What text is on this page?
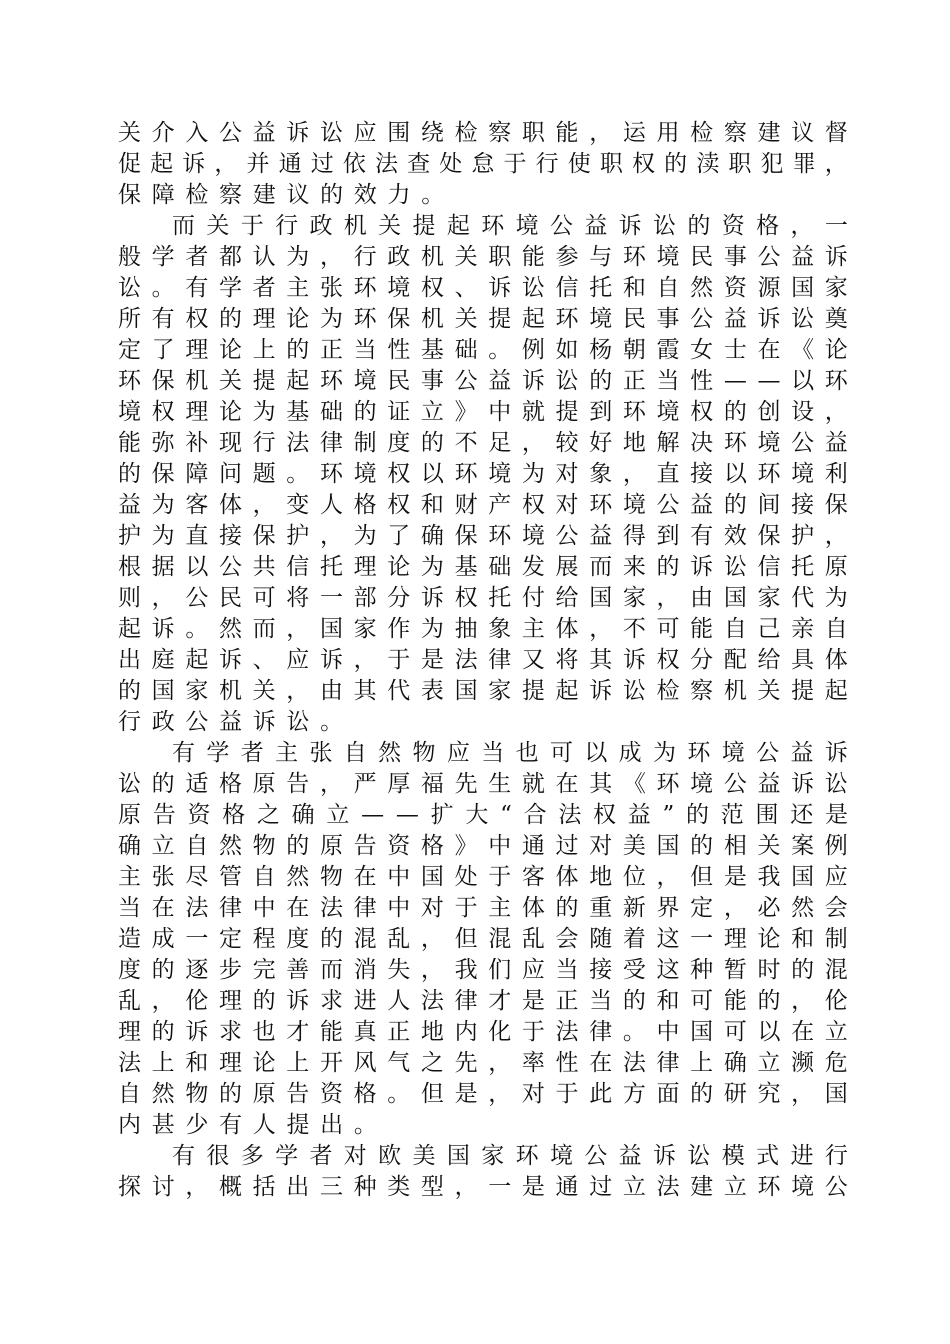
关 介 入 公 益 诉 讼 应 围 绕 检 察 职 能 ， 运 用 检 察 建 议 督
促 起 诉 ， 并 通 过 依 法 查 处 怠 于 行 使 职 权 的 渎 职 犯 罪 ，
保 障 检 察 建 议 的 效 力 。
而 关 于 行 政 机 关 提 起 环 境 公 益 诉 讼 的 资 格 ， 一
般 学 者 都 认 为 ， 行 政 机 关 职 能 参 与 环 境 民 事 公 益 诉
讼 。 有 学 者 主 张 环 境 权 、 诉 讼 信 托 和 自 然 资 源 国 家
所 有 权 的 理 论 为 环 保 机 关 提 起 环 境 民 事 公 益 诉 讼 奠
定 了 理 论 上 的 正 当 性 基 础 。 例 如 杨 朝 霞 女 士 在 《 论
环 保 机 关 提 起 环 境 民 事 公 益 诉 讼 的 正 当 性 — — 以 环
境 权 理 论 为 基 础 的 证 立 》 中 就 提 到 环 境 权 的 创 设 ，
能 弥 补 现 行 法 律 制 度 的 不 足 ， 较 好 地 解 决 环 境 公 益
的 保 障 问 题 。 环 境 权 以 环 境 为 对 象 ， 直 接 以 环 境 利
益 为 客 体 ， 变 人 格 权 和 财 产 权 对 环 境 公 益 的 间 接 保
护 为 直 接 保 护 ， 为 了 确 保 环 境 公 益 得 到 有 效 保 护 ，
根 据 以 公 共 信 托 理 论 为 基 础 发 展 而 来 的 诉 讼 信 托 原
则 ， 公 民 可 将 一 部 分 诉 权 托 付 给 国 家 ， 由 国 家 代 为
起 诉 。 然 而 ， 国 家 作 为 抽 象 主 体 ， 不 可 能 自 己 亲 自
出 庭 起 诉 、 应 诉 ， 于 是 法 律 又 将 其 诉 权 分 配 给 具 体
的 国 家 机 关 ， 由 其 代 表 国 家 提 起 诉 讼 检 察 机 关 提 起
行 政 公 益 诉 讼 。
有 学 者 主 张 自 然 物 应 当 也 可 以 成 为 环 境 公 益 诉
讼 的 适 格 原 告 ， 严 厚 福 先 生 就 在 其 《 环 境 公 益 诉 讼
原 告 资 格 之 确 立 — — 扩 大 “ 合 法 权 益 ” 的 范 围 还 是
确 立 自 然 物 的 原 告 资 格 》 中 通 过 对 美 国 的 相 关 案 例
主 张 尽 管 自 然 物 在 中 国 处 于 客 体 地 位 ， 但 是 我 国 应
当 在 法 律 中 在 法 律 中 对 于 主 体 的 重 新 界 定 ， 必 然 会
造 成 一 定 程 度 的 混 乱 ， 但 混 乱 会 随 着 这 一 理 论 和 制
度 的 逐 步 完 善 而 消 失 ， 我 们 应 当 接 受 这 种 暂 时 的 混
乱 ， 伦 理 的 诉 求 进 人 法 律 才 是 正 当 的 和 可 能 的 ， 伦
理 的 诉 求 也 才 能 真 正 地 内 化 于 法 律 。 中 国 可 以 在 立
法 上 和 理 论 上 开 风 气 之 先 ， 率 性 在 法 律 上 确 立 濒 危
自 然 物 的 原 告 资 格 。 但 是 ， 对 于 此 方 面 的 研 究 ， 国
内 甚 少 有 人 提 出 。
有 很 多 学 者 对 欧 美 国 家 环 境 公 益 诉 讼 模 式 进 行
探 讨 ， 概 括 出 三 种 类 型 ， 一 是 通 过 立 法 建 立 环 境 公
